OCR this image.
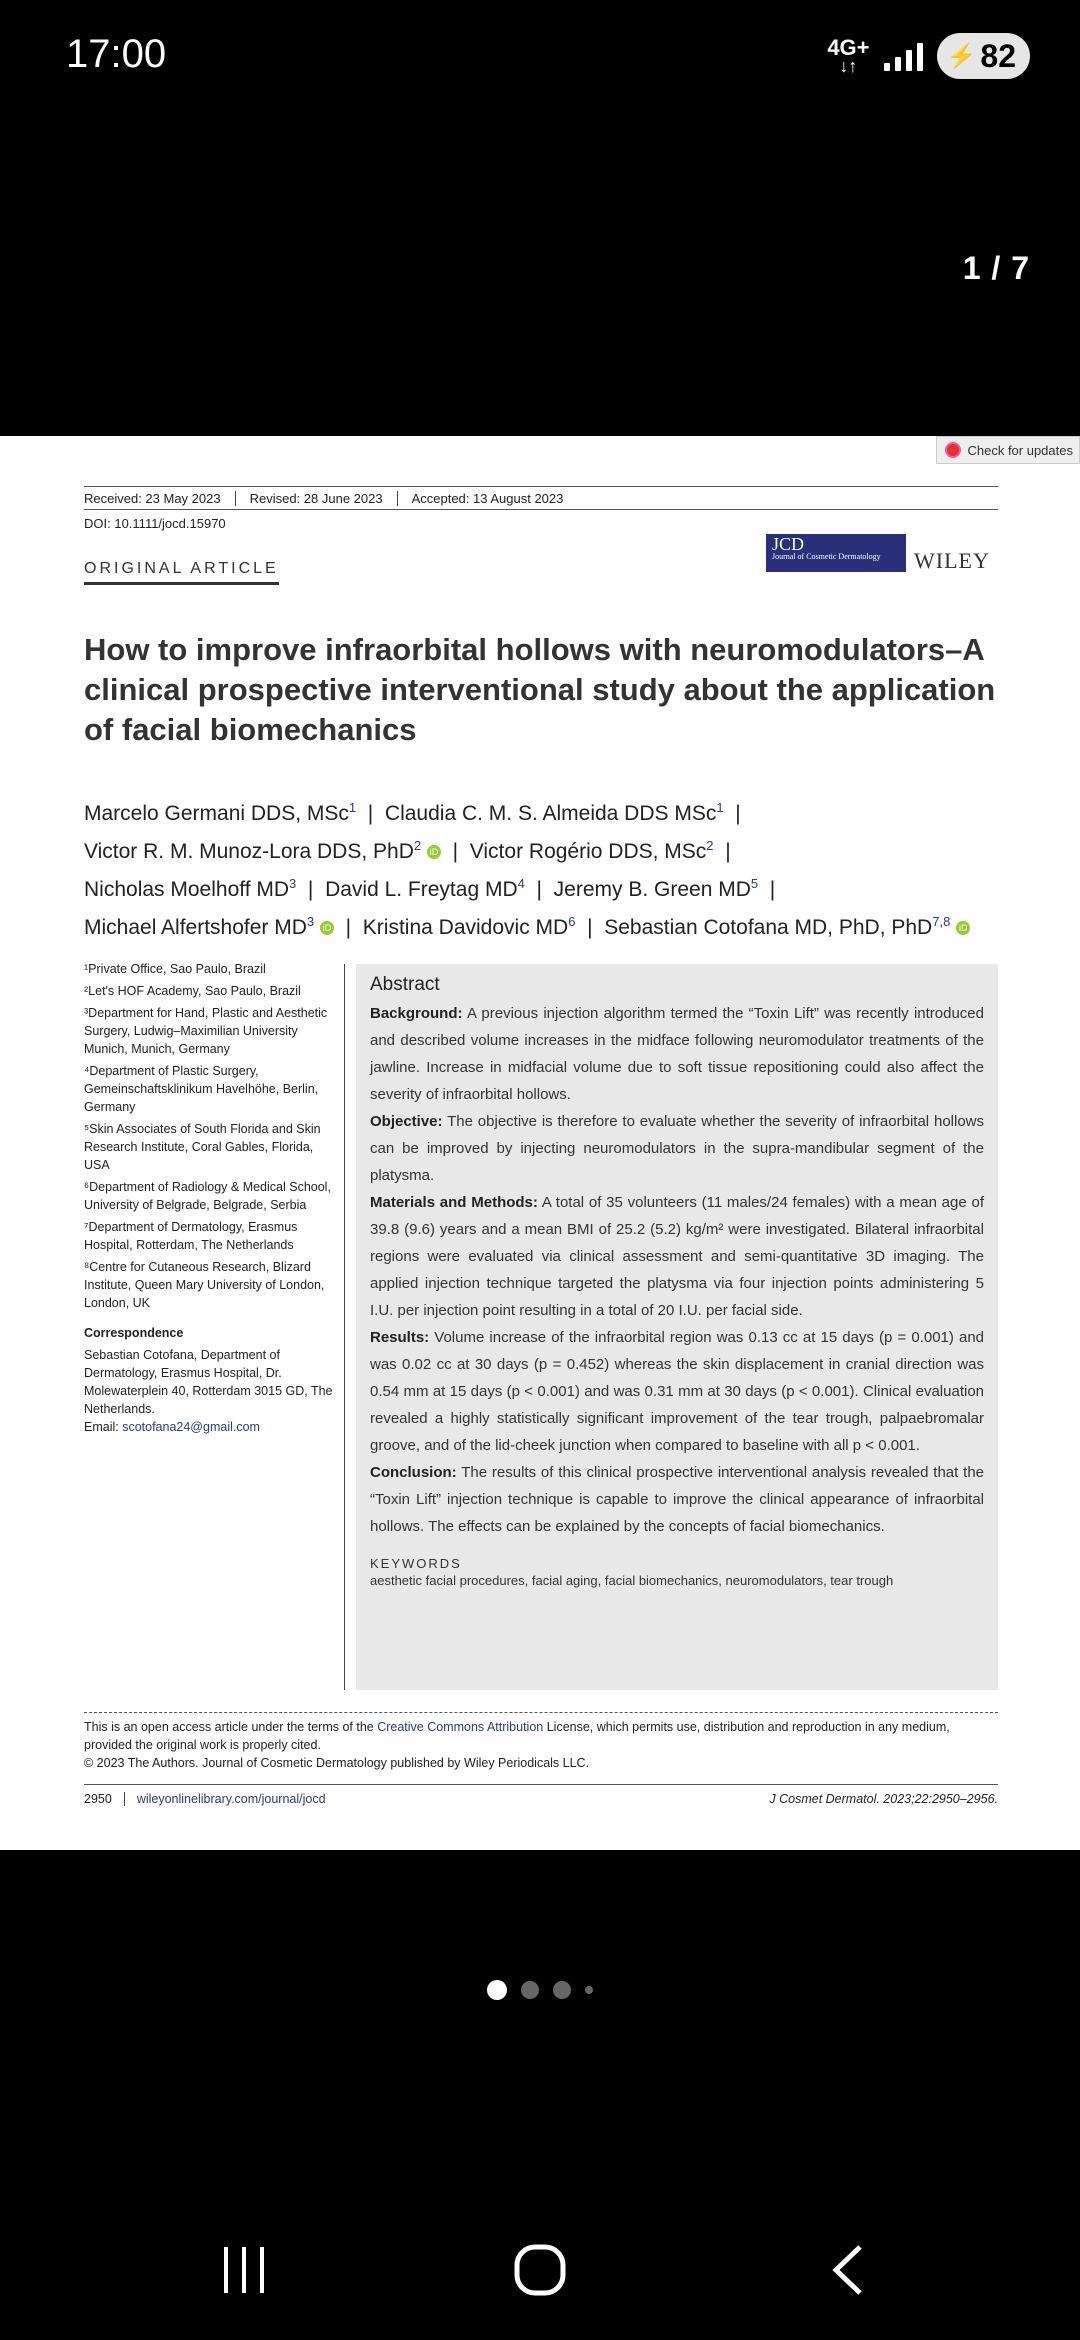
17:00	4G+
↓↑	⚡ 82
1 / 7
Check for updates
Received: 23 May 2023	Revised: 28 June 2023	Accepted: 13 August 2023
DOI: 10.1111/jocd.15970
ORIGINAL ARTICLE
JCD
Journal of Cosmetic Dermatology	WILEY
How to improve infraorbital hollows with neuromodulators–A clinical prospective interventional study about the application of facial biomechanics
Marcelo Germani DDS, MSc$^1$  |  Claudia C. M. S. Almeida DDS MSc$^1$  |
Victor R. M. Munoz-Lora DDS, PhD$^2$ iD  |  Victor Rogério DDS, MSc$^2$  |
Nicholas Moelhoff $MD^3$  |  David L. Freytag $MD^4$  |  Jeremy B. Green $MD^5$  |
Michael Alfertshofer $MD^3$ iD  |  Kristina Davidovic $MD^6$  |  Sebastian Cotofana MD, PhD, PhD$^{7,8}$ iD

¹Private Office, Sao Paulo, Brazil

²Let's HOF Academy, Sao Paulo, Brazil

³Department for Hand, Plastic and Aesthetic Surgery, Ludwig–Maximilian University Munich, Munich, Germany

⁴Department of Plastic Surgery, Gemeinschaftsklinikum Havelhöhe, Berlin, Germany

⁵Skin Associates of South Florida and Skin Research Institute, Coral Gables, Florida, USA

⁶Department of Radiology & Medical School, University of Belgrade, Belgrade, Serbia

⁷Department of Dermatology, Erasmus Hospital, Rotterdam, The Netherlands

⁸Centre for Cutaneous Research, Blizard Institute, Queen Mary University of London, London, UK

Correspondence

Sebastian Cotofana, Department of Dermatology, Erasmus Hospital, Dr. Molewaterplein 40, Rotterdam 3015 GD, The Netherlands.

Email: scotofana24@gmail.com

Abstract

Background: A previous injection algorithm termed the “Toxin Lift” was recently introduced and described volume increases in the midface following neuromodulator treatments of the jawline. Increase in midfacial volume due to soft tissue repositioning could also affect the severity of infraorbital hollows.

Objective: The objective is therefore to evaluate whether the severity of infraorbital hollows can be improved by injecting neuromodulators in the supra-mandibular segment of the platysma.

Materials and Methods: A total of 35 volunteers (11 males/24 females) with a mean age of 39.8 (9.6) years and a mean BMI of 25.2 (5.2) kg/m² were investigated. Bilateral infraorbital regions were evaluated via clinical assessment and semi-quantitative 3D imaging. The applied injection technique targeted the platysma via four injection points administering 5 I.U. per injection point resulting in a total of 20 I.U. per facial side.

Results: Volume increase of the infraorbital region was 0.13 cc at 15 days (p = 0.001) and was 0.02 cc at 30 days (p = 0.452) whereas the skin displacement in cranial direction was 0.54 mm at 15 days (p < 0.001) and was 0.31 mm at 30 days (p < 0.001). Clinical evaluation revealed a highly statistically significant improvement of the tear trough, palpaebromalar groove, and of the lid-cheek junction when compared to baseline with all p < 0.001.

Conclusion: The results of this clinical prospective interventional analysis revealed that the “Toxin Lift” injection technique is capable to improve the clinical appearance of infraorbital hollows. The effects can be explained by the concepts of facial biomechanics.

KEYWORDS
aesthetic facial procedures, facial aging, facial biomechanics, neuromodulators, tear trough
This is an open access article under the terms of the Creative Commons Attribution License, which permits use, distribution and reproduction in any medium, provided the original work is properly cited.
© 2023 The Authors. Journal of Cosmetic Dermatology published by Wiley Periodicals LLC.
2950	wileyonlinelibrary.com/journal/jocd	J Cosmet Dermatol. 2023;22:2950–2956.
